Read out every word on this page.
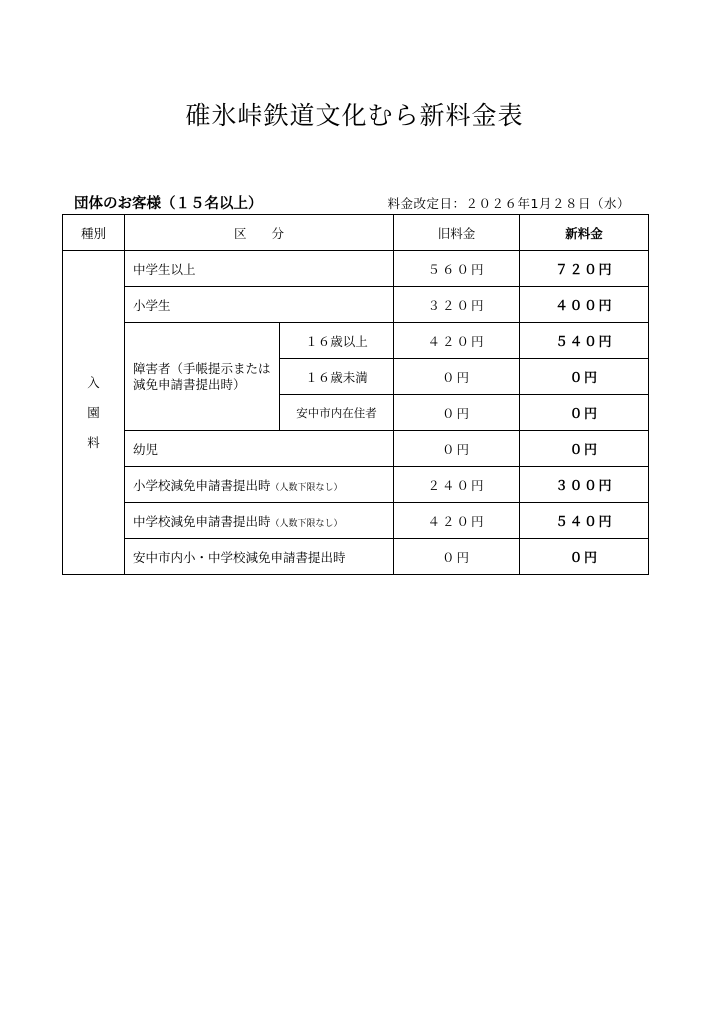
碓氷峠鉄道文化むら新料金表
団体のお客様（１５名以上）	料金改定日：２０２６年1月２８日（水）
種別	区　　分		旧料金	新料金

入
園
料	中学生以上		５６０円	７２０円
	小学生		３２０円	４００円
	障害者（手帳提示または減免申請書提出時）	１６歳以上	４２０円	５４０円
		１６歳未満	０円	０円
		安中市内在住者	０円	０円
	幼児		０円	０円
	小学校減免申請書提出時（人数下限なし）		２４０円	３００円
	中学校減免申請書提出時（人数下限なし）		４２０円	５４０円
	安中市内小・中学校減免申請書提出時		０円	０円
